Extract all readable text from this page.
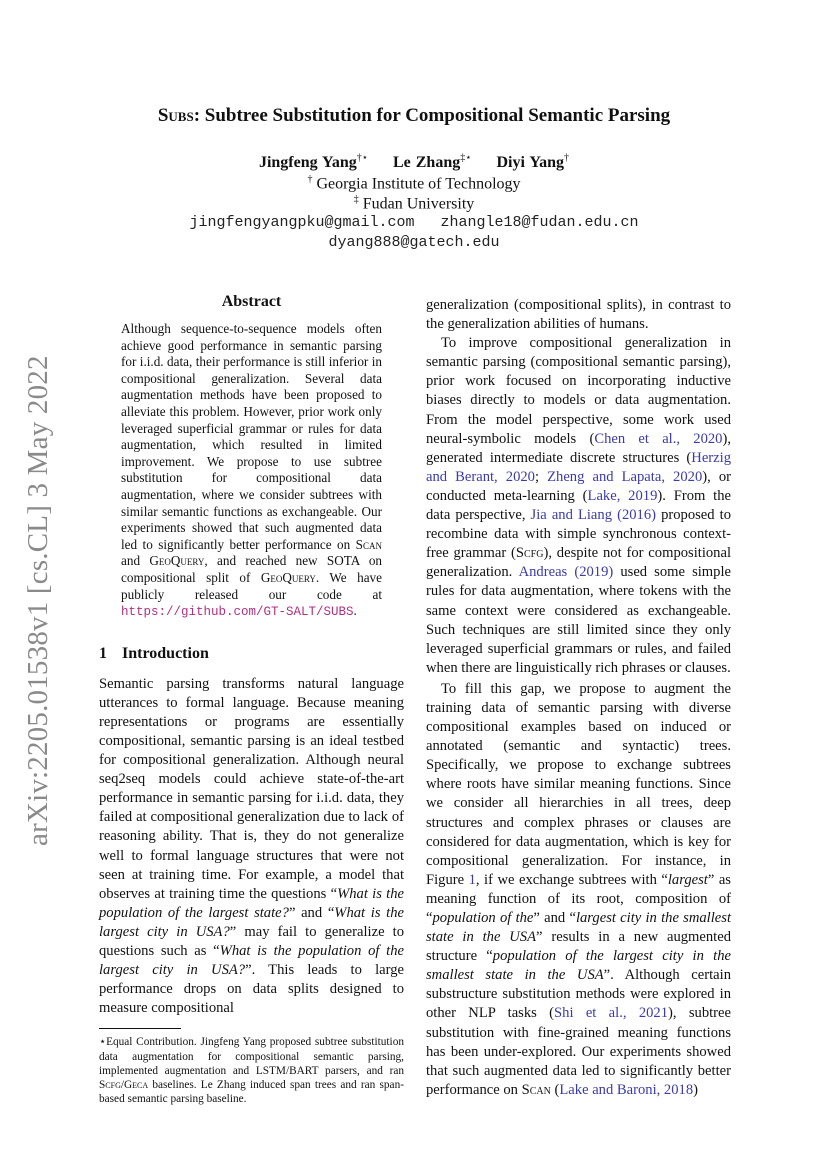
arXiv:2205.01538v1 [cs.CL] 3 May 2022
Subs: Subtree Substitution for Compositional Semantic Parsing
Jingfeng Yang†⋆ Le Zhang‡⋆ Diyi Yang†
† Georgia Institute of Technology
‡ Fudan University
jingfengyangpku@gmail.com zhangle18@fudan.edu.cn
dyang888@gatech.edu
Abstract
Although sequence-to-sequence models often achieve good performance in semantic parsing for i.i.d. data, their performance is still inferior in compositional generalization. Several data augmentation methods have been proposed to alleviate this problem. However, prior work only leveraged superficial grammar or rules for data augmentation, which resulted in limited improvement. We propose to use subtree substitution for compositional data augmentation, where we consider subtrees with similar semantic functions as exchangeable. Our experiments showed that such augmented data led to significantly better performance on Scan and GeoQuery, and reached new SOTA on compositional split of GeoQuery. We have publicly released our code at https://github.com/GT-SALT/SUBS.
1 Introduction

Semantic parsing transforms natural language utterances to formal language. Because meaning representations or programs are essentially compositional, semantic parsing is an ideal testbed for compositional generalization. Although neural seq2seq models could achieve state-of-the-art performance in semantic parsing for i.i.d. data, they failed at compositional generalization due to lack of reasoning ability. That is, they do not generalize well to formal language structures that were not seen at training time. For example, a model that observes at training time the questions “What is the population of the largest state?” and “What is the largest city in USA?” may fail to generalize to questions such as “What is the population of the largest city in USA?”. This leads to large performance drops on data splits designed to measure compositional

⋆Equal Contribution. Jingfeng Yang proposed subtree substitution data augmentation for compositional semantic parsing, implemented augmentation and LSTM/BART parsers, and ran Scfg/Geca baselines. Le Zhang induced span trees and ran span-based semantic parsing baseline.

generalization (compositional splits), in contrast to the generalization abilities of humans.

To improve compositional generalization in semantic parsing (compositional semantic parsing), prior work focused on incorporating inductive biases directly to models or data augmentation. From the model perspective, some work used neural-symbolic models (Chen et al., 2020), generated intermediate discrete structures (Herzig and Berant, 2020; Zheng and Lapata, 2020), or conducted meta-learning (Lake, 2019). From the data perspective, Jia and Liang (2016) proposed to recombine data with simple synchronous context-free grammar (Scfg), despite not for compositional generalization. Andreas (2019) used some simple rules for data augmentation, where tokens with the same context were considered as exchangeable. Such techniques are still limited since they only leveraged superficial grammars or rules, and failed when there are linguistically rich phrases or clauses.

To fill this gap, we propose to augment the training data of semantic parsing with diverse compositional examples based on induced or annotated (semantic and syntactic) trees. Specifically, we propose to exchange subtrees where roots have similar meaning functions. Since we consider all hierarchies in all trees, deep structures and complex phrases or clauses are considered for data augmentation, which is key for compositional generalization. For instance, in Figure 1, if we exchange subtrees with “largest” as meaning function of its root, composition of “population of the” and “largest city in the smallest state in the USA” results in a new augmented structure “population of the largest city in the smallest state in the USA”. Although certain substructure substitution methods were explored in other NLP tasks (Shi et al., 2021), subtree substitution with fine-grained meaning functions has been under-explored. Our experiments showed that such augmented data led to significantly better performance on Scan (Lake and Baroni, 2018)
